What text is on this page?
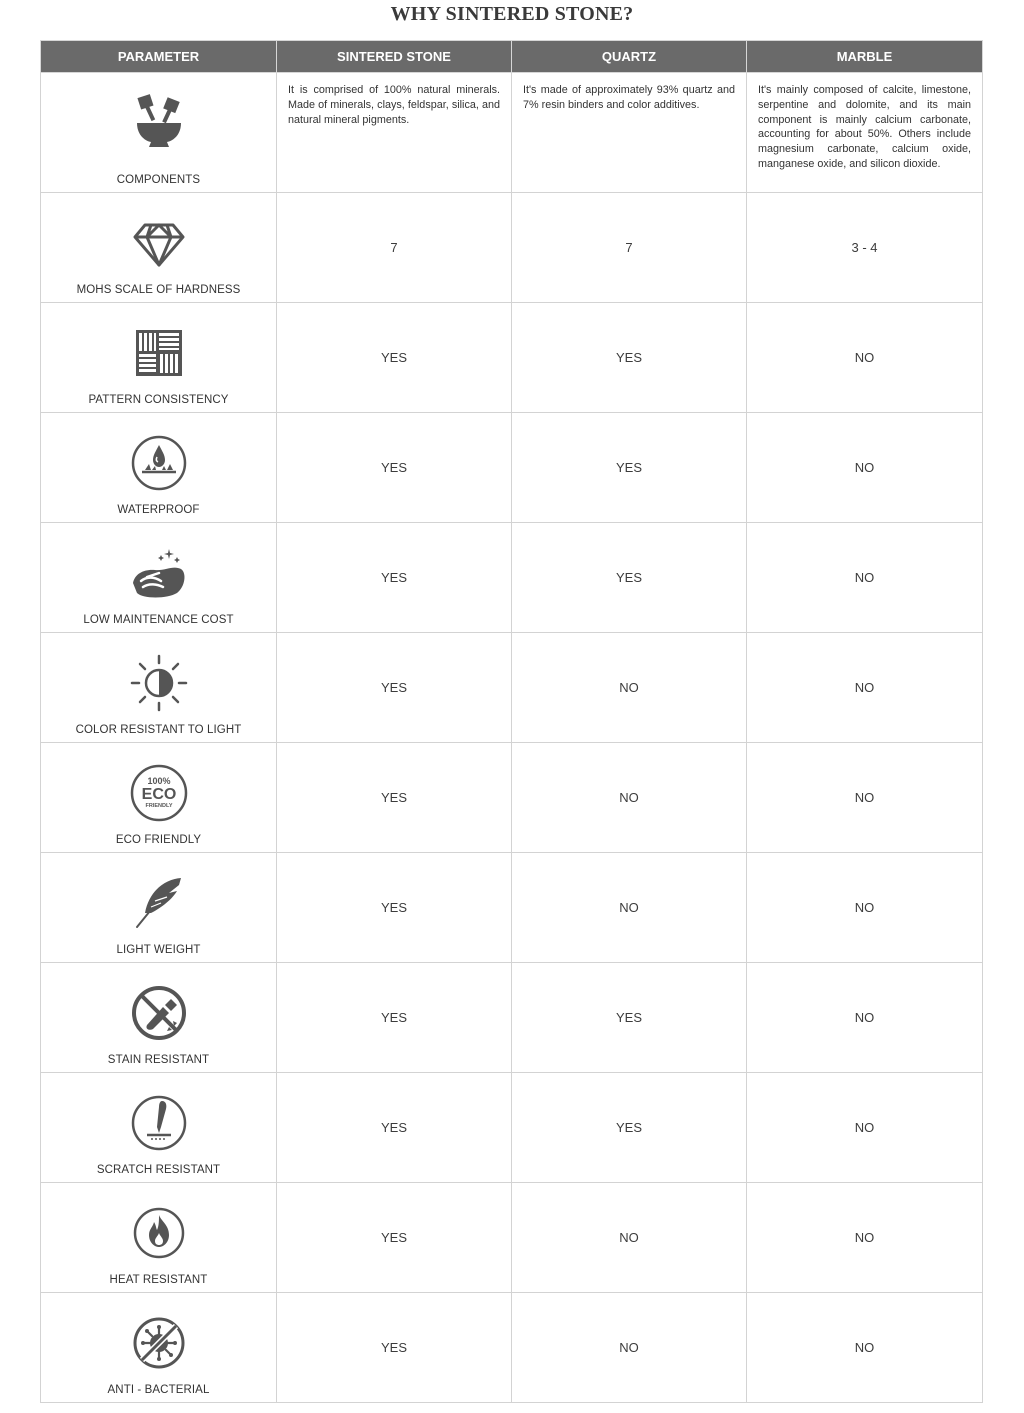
WHY SINTERED STONE?
PARAMETER	SINTERED STONE	QUARTZ	MARBLE

COMPONENTS	It is comprised of 100% natural minerals. Made of minerals, clays, feldspar, silica, and natural mineral pigments.	It's made of approximately 93% quartz and 7% resin binders and color additives.	It's mainly composed of calcite, limestone, serpentine and dolomite, and its main component is mainly calcium carbonate, accounting for about 50%. Others include magnesium carbonate, calcium oxide, manganese oxide, and silicon dioxide.

MOHS SCALE OF HARDNESS	7	7	3 - 4

PATTERN CONSISTENCY	YES	YES	NO

WATERPROOF	YES	YES	NO

LOW MAINTENANCE COST	YES	YES	NO

COLOR RESISTANT TO LIGHT	YES	NO	NO

100%
ECO
FRIENDLY
ECO FRIENDLY	YES	NO	NO

LIGHT WEIGHT	YES	NO	NO

STAIN RESISTANT	YES	YES	NO

SCRATCH RESISTANT	YES	YES	NO

HEAT RESISTANT	YES	NO	NO

ANTI - BACTERIAL	YES	NO	NO
